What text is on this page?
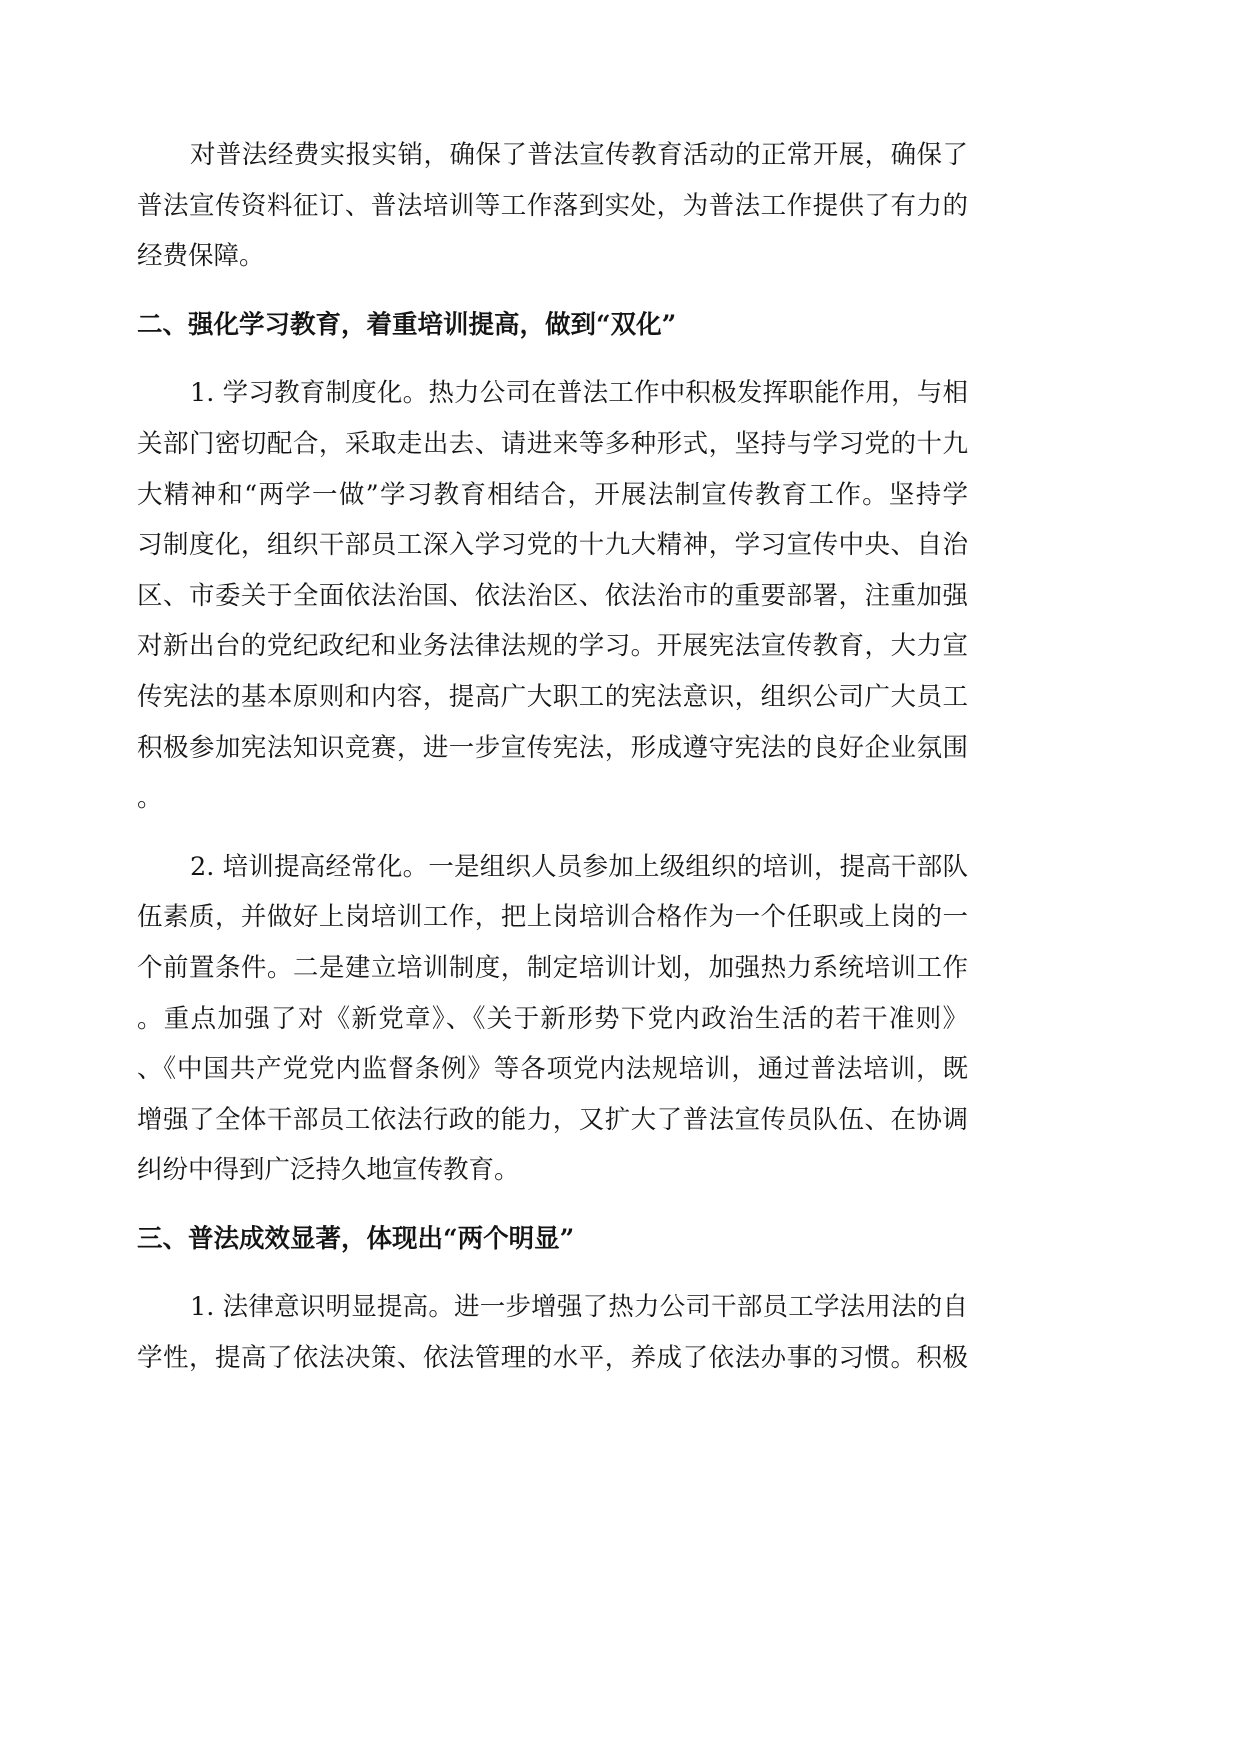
对普法经费实报实销，确保了普法宣传教育活动的正常开展，确保了
普法宣传资料征订、普法培训等工作落到实处，为普法工作提供了有力的
经费保障。
二、强化学习教育，着重培训提高，做到“双化”
1. 学习教育制度化。热力公司在普法工作中积极发挥职能作用，与相
关部门密切配合，采取走出去、请进来等多种形式，坚持与学习党的十九
大精神和“两学一做”学习教育相结合，开展法制宣传教育工作。坚持学
习制度化，组织干部员工深入学习党的十九大精神，学习宣传中央、自治
区、市委关于全面依法治国、依法治区、依法治市的重要部署，注重加强
对新出台的党纪政纪和业务法律法规的学习。开展宪法宣传教育，大力宣
传宪法的基本原则和内容，提高广大职工的宪法意识，组织公司广大员工
积极参加宪法知识竞赛，进一步宣传宪法，形成遵守宪法的良好企业氛围
。
2. 培训提高经常化。一是组织人员参加上级组织的培训，提高干部队
伍素质，并做好上岗培训工作，把上岗培训合格作为一个任职或上岗的一
个前置条件。二是建立培训制度，制定培训计划，加强热力系统培训工作
。重点加强了对《新党章》、《关于新形势下党内政治生活的若干准则》
、《中国共产党党内监督条例》等各项党内法规培训，通过普法培训，既
增强了全体干部员工依法行政的能力，又扩大了普法宣传员队伍、在协调
纠纷中得到广泛持久地宣传教育。
三、普法成效显著，体现出“两个明显”
1. 法律意识明显提高。进一步增强了热力公司干部员工学法用法的自
学性，提高了依法决策、依法管理的水平，养成了依法办事的习惯。积极
